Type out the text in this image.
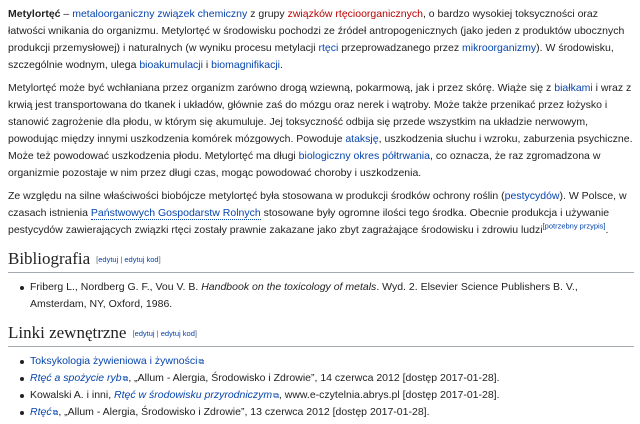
Metylortęć – metaloorganiczny związek chemiczny z grupy związków rtęcioorganicznych, o bardzo wysokiej toksyczności oraz łatwości wnikania do organizmu. Metylortęć w środowisku pochodzi ze źródeł antropogenicznych (jako jeden z produktów ubocznych produkcji przemysłowej) i naturalnych (w wyniku procesu metylacji rtęci przeprowadzanego przez mikroorganizmy). W środowisku, szczególnie wodnym, ulega bioakumulacji i biomagnifikacji.

Metylortęć może być wchłaniana przez organizm zarówno drogą wziewną, pokarmową, jak i przez skórę. Wiąże się z białkami i wraz z krwią jest transportowana do tkanek i układów, głównie zaś do mózgu oraz nerek i wątroby. Może także przenikać przez łożysko i stanowić zagrożenie dla płodu, w którym się akumuluje. Jej toksyczność odbija się przede wszystkim na układzie nerwowym, powodując między innymi uszkodzenia komórek mózgowych. Powoduje ataksję, uszkodzenia słuchu i wzroku, zaburzenia psychiczne. Może też powodować uszkodzenia płodu. Metylortęć ma długi biologiczny okres półtrwania, co oznacza, że raz zgromadzona w organizmie pozostaje w nim przez długi czas, mogąc powodować choroby i uszkodzenia.

Ze względu na silne właściwości biobójcze metylortęć była stosowana w produkcji środków ochrony roślin (pestycydów). W Polsce, w czasach istnienia Państwowych Gospodarstw Rolnych stosowane były ogromne ilości tego środka. Obecnie produkcja i używanie pestycydów zawierających związki rtęci zostały prawnie zakazane jako zbyt zagrażające środowisku i zdrowiu ludzi[potrzebny przypis].

Bibliografia [edytuj | edytuj kod]
Friberg L., Nordberg G. F., Vou V. B. Handbook on the toxicology of metals. Wyd. 2. Elsevier Science Publishers B. V., Amsterdam, NY, Oxford, 1986.
Linki zewnętrzne [edytuj | edytuj kod]
Toksykologia żywieniowa i żywności⧉
Rtęć a spożycie ryb⧉, „Allum - Alergia, Środowisko i Zdrowie”, 14 czerwca 2012 [dostęp 2017-01-28].
Kowalski A. i inni, Rtęć w środowisku przyrodniczym⧉, www.e-czytelnia.abrys.pl [dostęp 2017-01-28].
Rtęć⧉, „Allum - Alergia, Środowisko i Zdrowie”, 13 czerwca 2012 [dostęp 2017-01-28].
